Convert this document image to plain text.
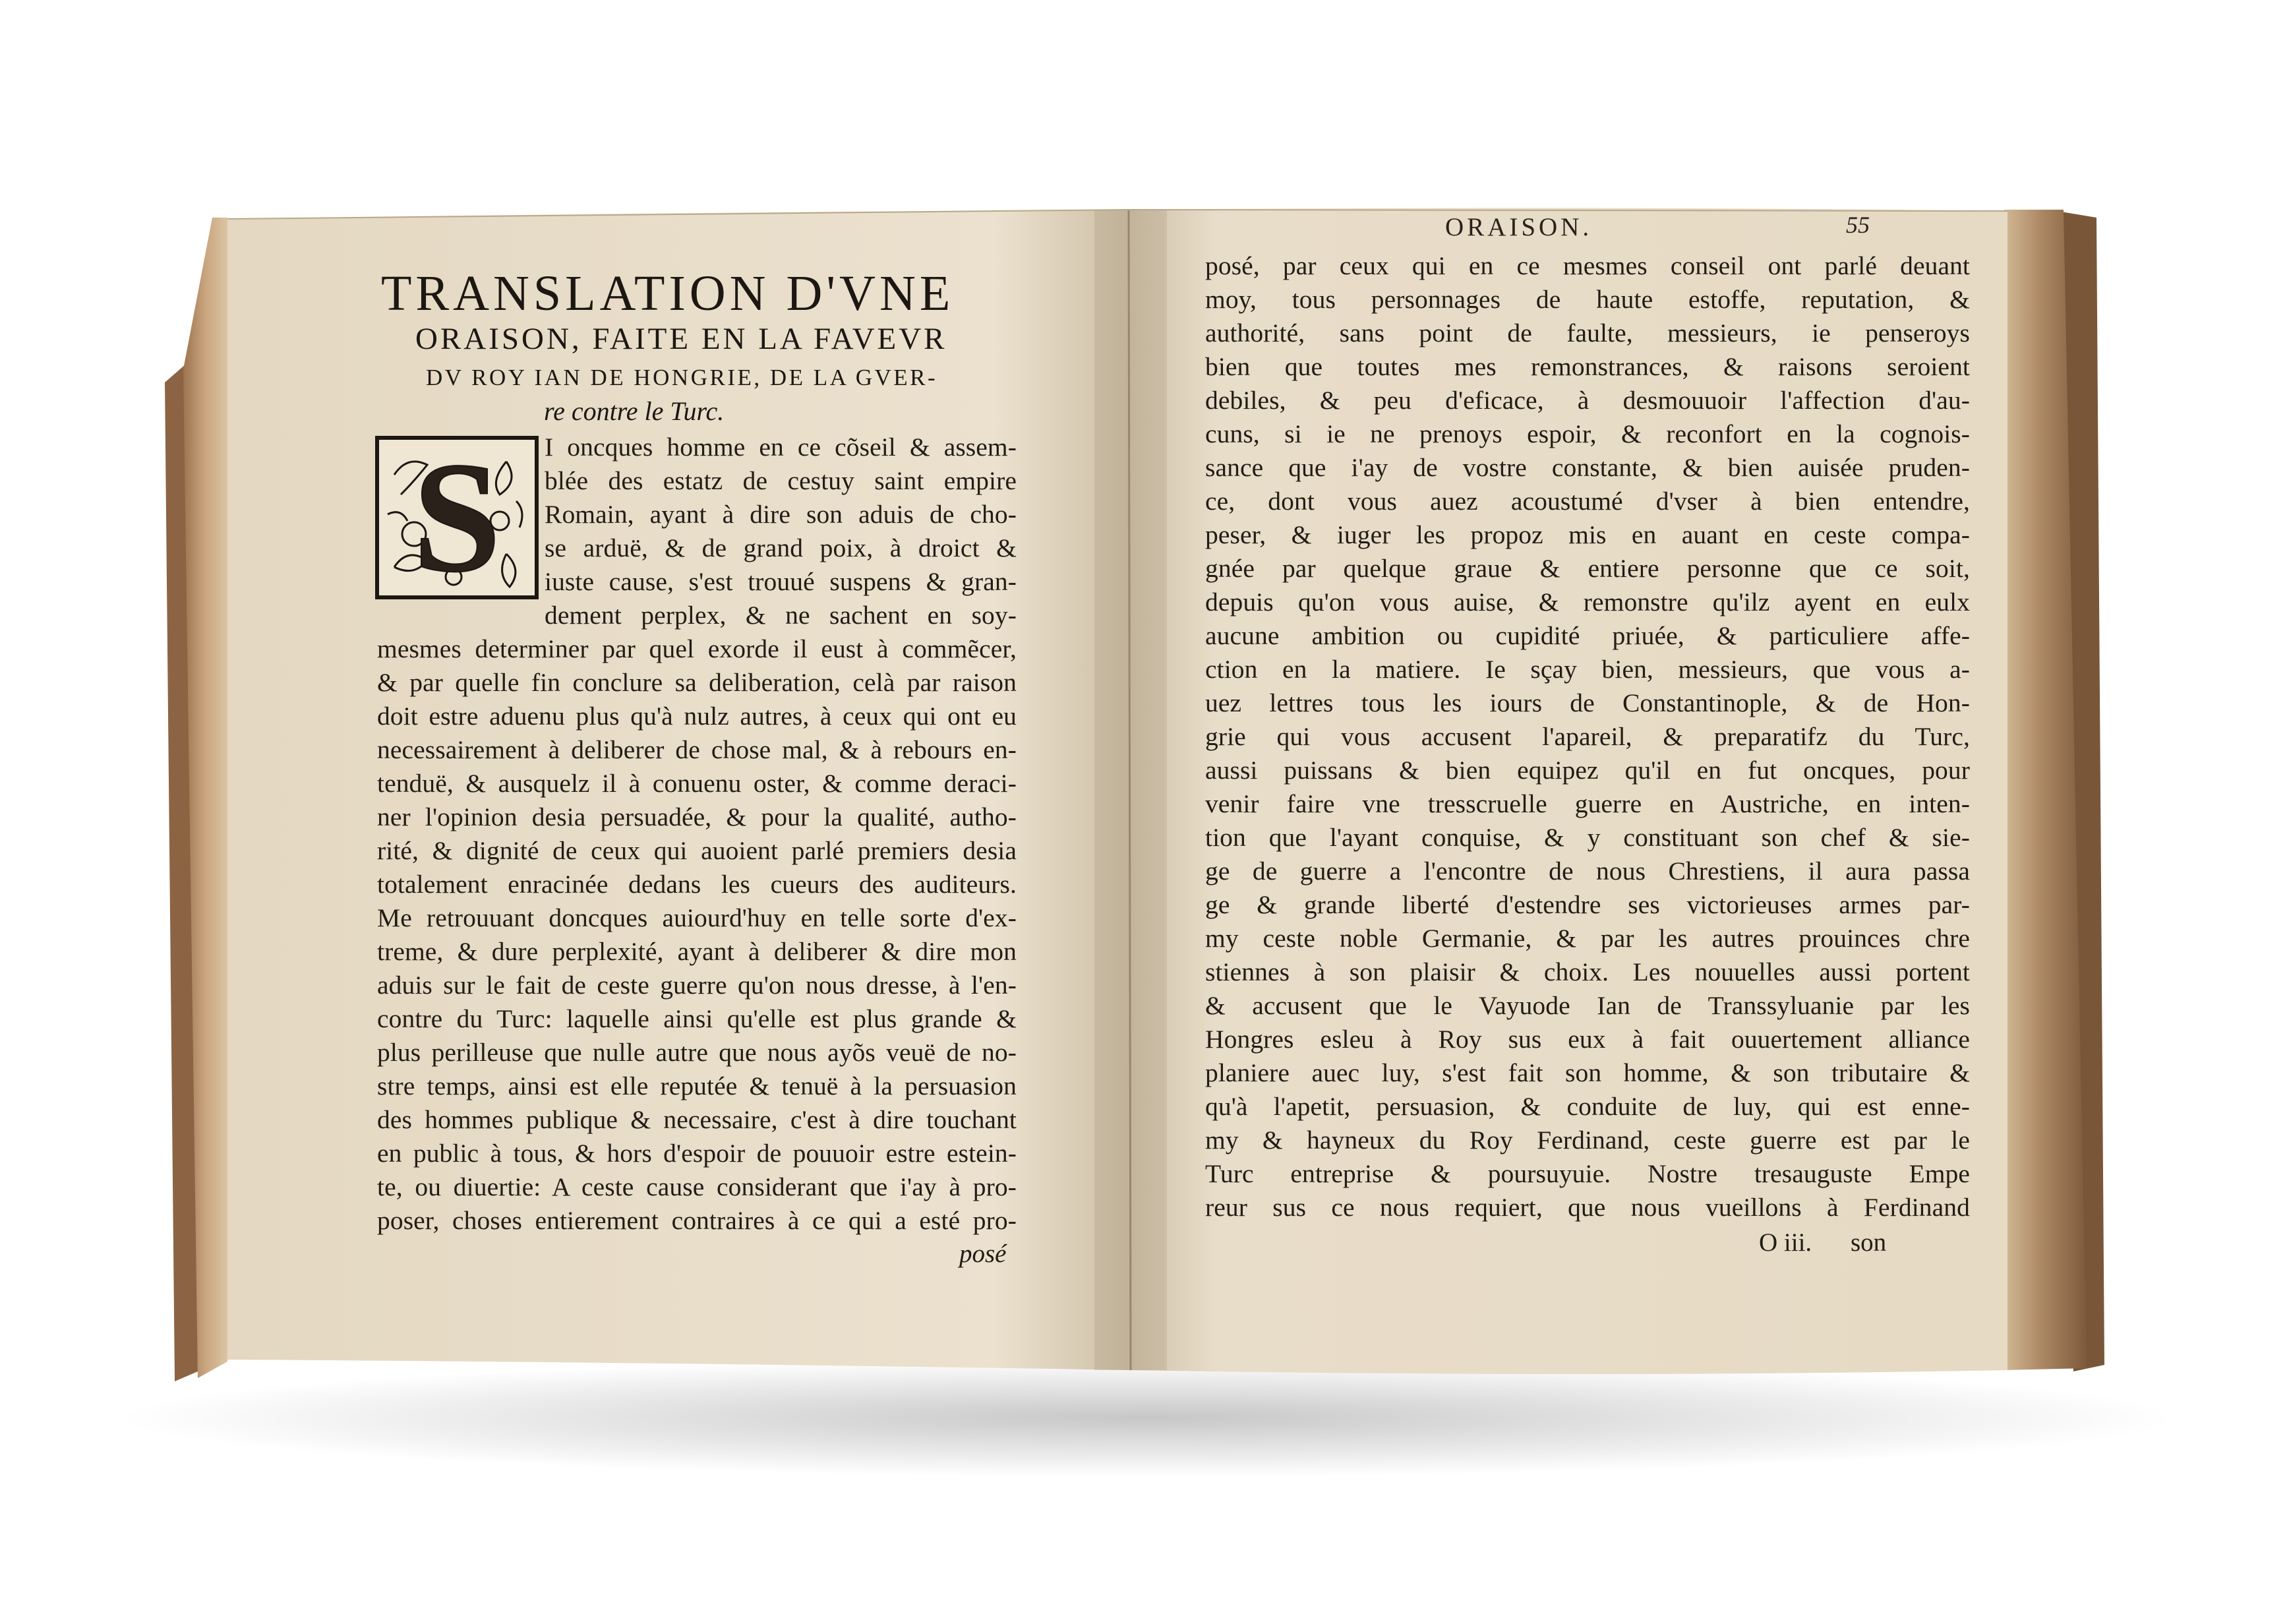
S
TRANSLATION D'VNE
ORAISON, FAITE EN LA FAVEVR
DV ROY IAN DE HONGRIE, DE LA GVER-
re contre le Turc.
I oncques homme en ce cõseil & assem-
blée des estatz de cestuy saint empire
Romain, ayant à dire son aduis de cho-
se arduë, & de grand poix, à droict &
iuste cause, s'est trouué suspens & gran-
dement perplex, & ne sachent en soy-
mesmes determiner par quel exorde il eust à commẽcer,
& par quelle fin conclure sa deliberation, celà par raison
doit estre aduenu plus qu'à nulz autres, à ceux qui ont eu
necessairement à deliberer de chose mal, & à rebours en-
tenduë, & ausquelz il à conuenu oster, & comme deraci-
ner l'opinion desia persuadée, & pour la qualité, autho-
rité, & dignité de ceux qui auoient parlé premiers desia
totalement enracinée dedans les cueurs des auditeurs.
Me retrouuant doncques auiourd'huy en telle sorte d'ex-
treme, & dure perplexité, ayant à deliberer & dire mon
aduis sur le fait de ceste guerre qu'on nous dresse, à l'en-
contre du Turc: laquelle ainsi qu'elle est plus grande &
plus perilleuse que nulle autre que nous ayõs veuë de no-
stre temps, ainsi est elle reputée & tenuë à la persuasion
des hommes publique & necessaire, c'est à dire touchant
en public à tous, & hors d'espoir de pouuoir estre estein-
te, ou diuertie: A ceste cause considerant que i'ay à pro-
poser, choses entierement contraires à ce qui a esté pro-
posé
ORAISON.	55
posé, par ceux qui en ce mesmes conseil ont parlé deuant
moy, tous personnages de haute estoffe, reputation, &
authorité, sans point de faulte, messieurs, ie penseroys
bien que toutes mes remonstrances, & raisons seroient
debiles, & peu d'eficace, à desmouuoir l'affection d'au-
cuns, si ie ne prenoys espoir, & reconfort en la cognois-
sance que i'ay de vostre constante, & bien auisée pruden-
ce, dont vous auez acoustumé d'vser à bien entendre,
peser, & iuger les propoz mis en auant en ceste compa-
gnée par quelque graue & entiere personne que ce soit,
depuis qu'on vous auise, & remonstre qu'ilz ayent en eulx
aucune ambition ou cupidité priuée, & particuliere affe-
ction en la matiere. Ie sçay bien, messieurs, que vous a-
uez lettres tous les iours de Constantinople, & de Hon-
grie qui vous accusent l'apareil, & preparatifz du Turc,
aussi puissans & bien equipez qu'il en fut oncques, pour
venir faire vne tresscruelle guerre en Austriche, en inten-
tion que l'ayant conquise, & y constituant son chef & sie-
ge de guerre a l'encontre de nous Chrestiens, il aura passa
ge & grande liberté d'estendre ses victorieuses armes par-
my ceste noble Germanie, & par les autres prouinces chre
stiennes à son plaisir & choix. Les nouuelles aussi portent
& accusent que le Vayuode Ian de Transsyluanie par les
Hongres esleu à Roy sus eux à fait ouuertement alliance
planiere auec luy, s'est fait son homme, & son tributaire &
qu'à l'apetit, persuasion, & conduite de luy, qui est enne-
my & hayneux du Roy Ferdinand, ceste guerre est par le
Turc entreprise & poursuyuie. Nostre tresauguste Empe
reur sus ce nous requiert, que nous vueillons à Ferdinand
O iii. son
